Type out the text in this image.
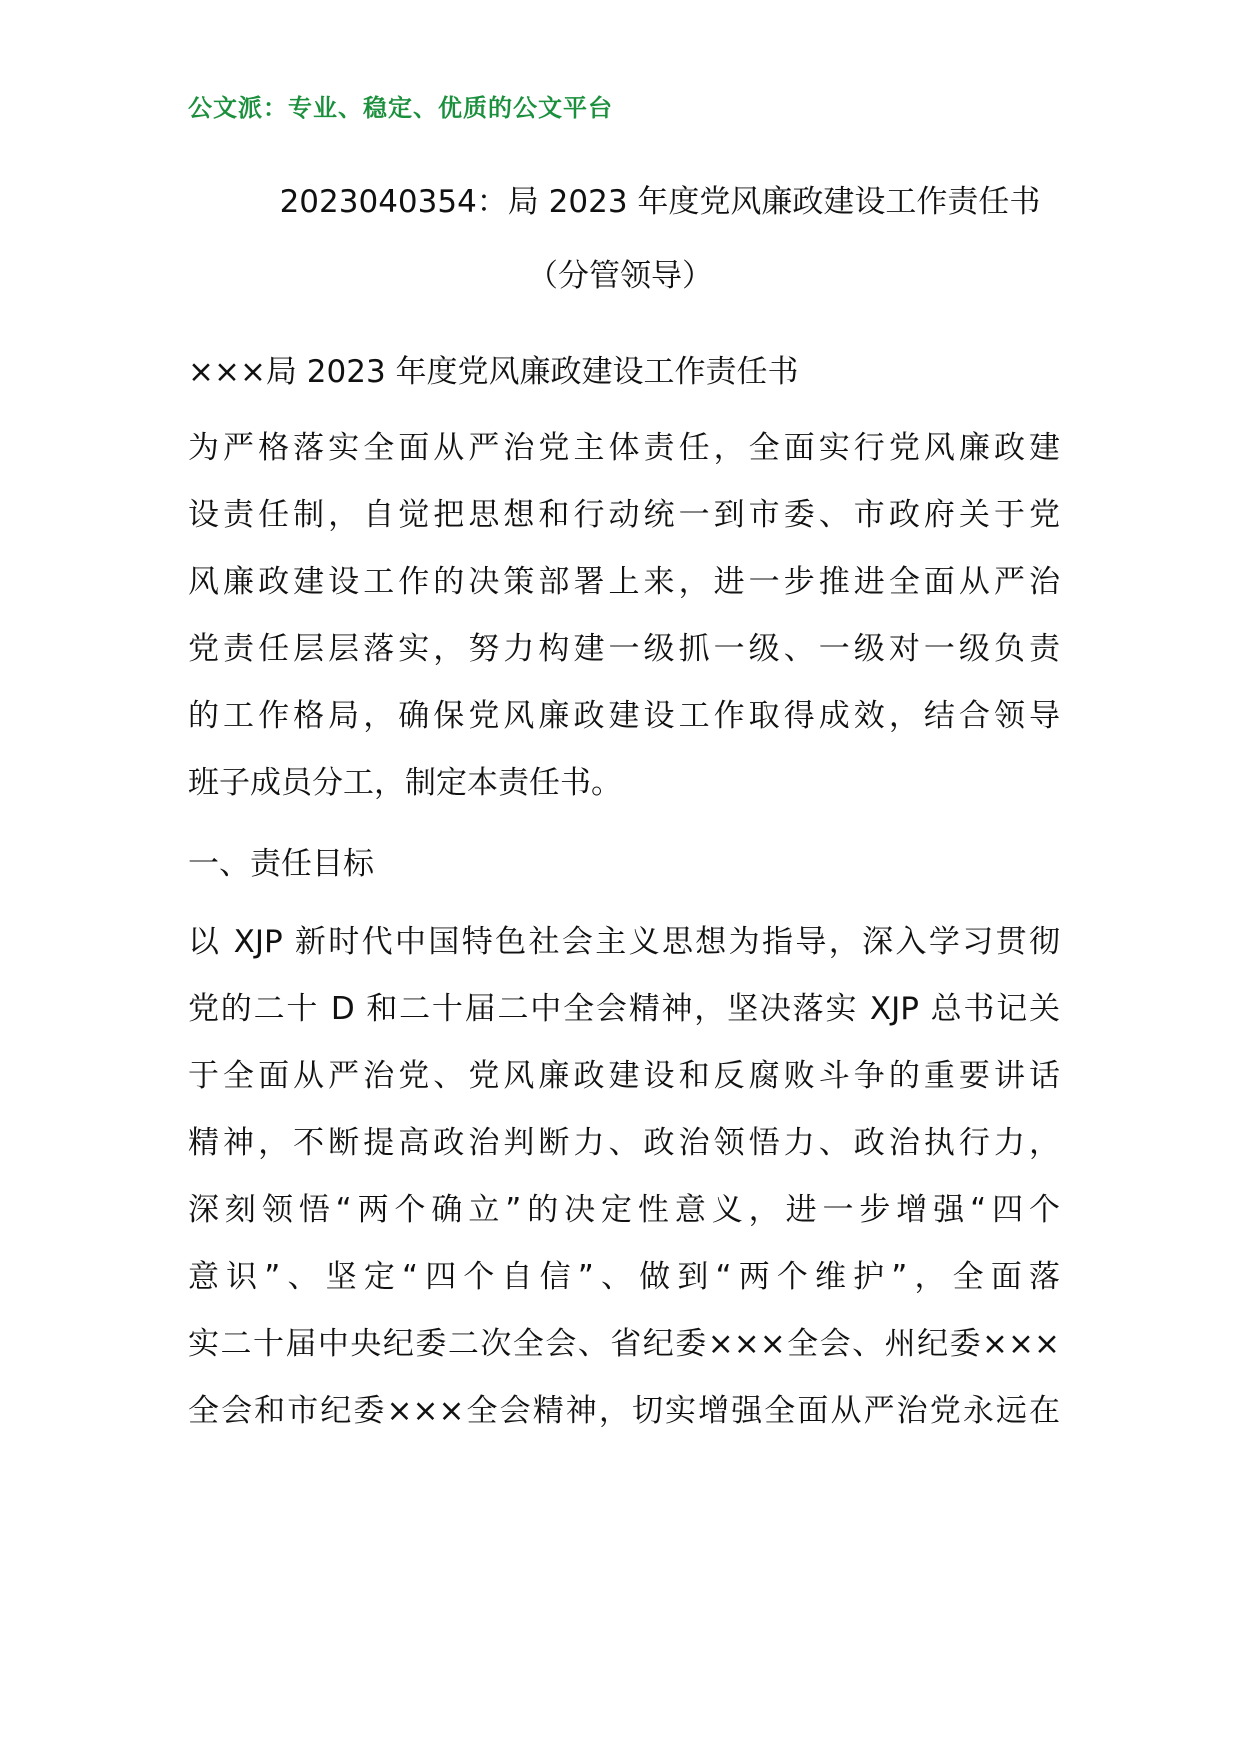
公文派：专业、稳定、优质的公文平台
2023040354：局 2023 年度党风廉政建设工作责任书
（分管领导）
×××局 2023 年度党风廉政建设工作责任书
为严格落实全面从严治党主体责任，全面实行党风廉政建
设责任制，自觉把思想和行动统一到市委、市政府关于党
风廉政建设工作的决策部署上来，进一步推进全面从严治
党责任层层落实，努力构建一级抓一级、一级对一级负责
的工作格局，确保党风廉政建设工作取得成效，结合领导
班子成员分工，制定本责任书。
一、责任目标
以 XJP 新时代中国特色社会主义思想为指导，深入学习贯彻
党的二十 D 和二十届二中全会精神，坚决落实 XJP 总书记关
于全面从严治党、党风廉政建设和反腐败斗争的重要讲话
精神，不断提高政治判断力、政治领悟力、政治执行力，
深刻领悟“两个确立”的决定性意义，进一步增强“四个
意识”、坚定“四个自信”、做到“两个维护”，全面落
实二十届中央纪委二次全会、省纪委×××全会、州纪委×××
全会和市纪委×××全会精神，切实增强全面从严治党永远在
